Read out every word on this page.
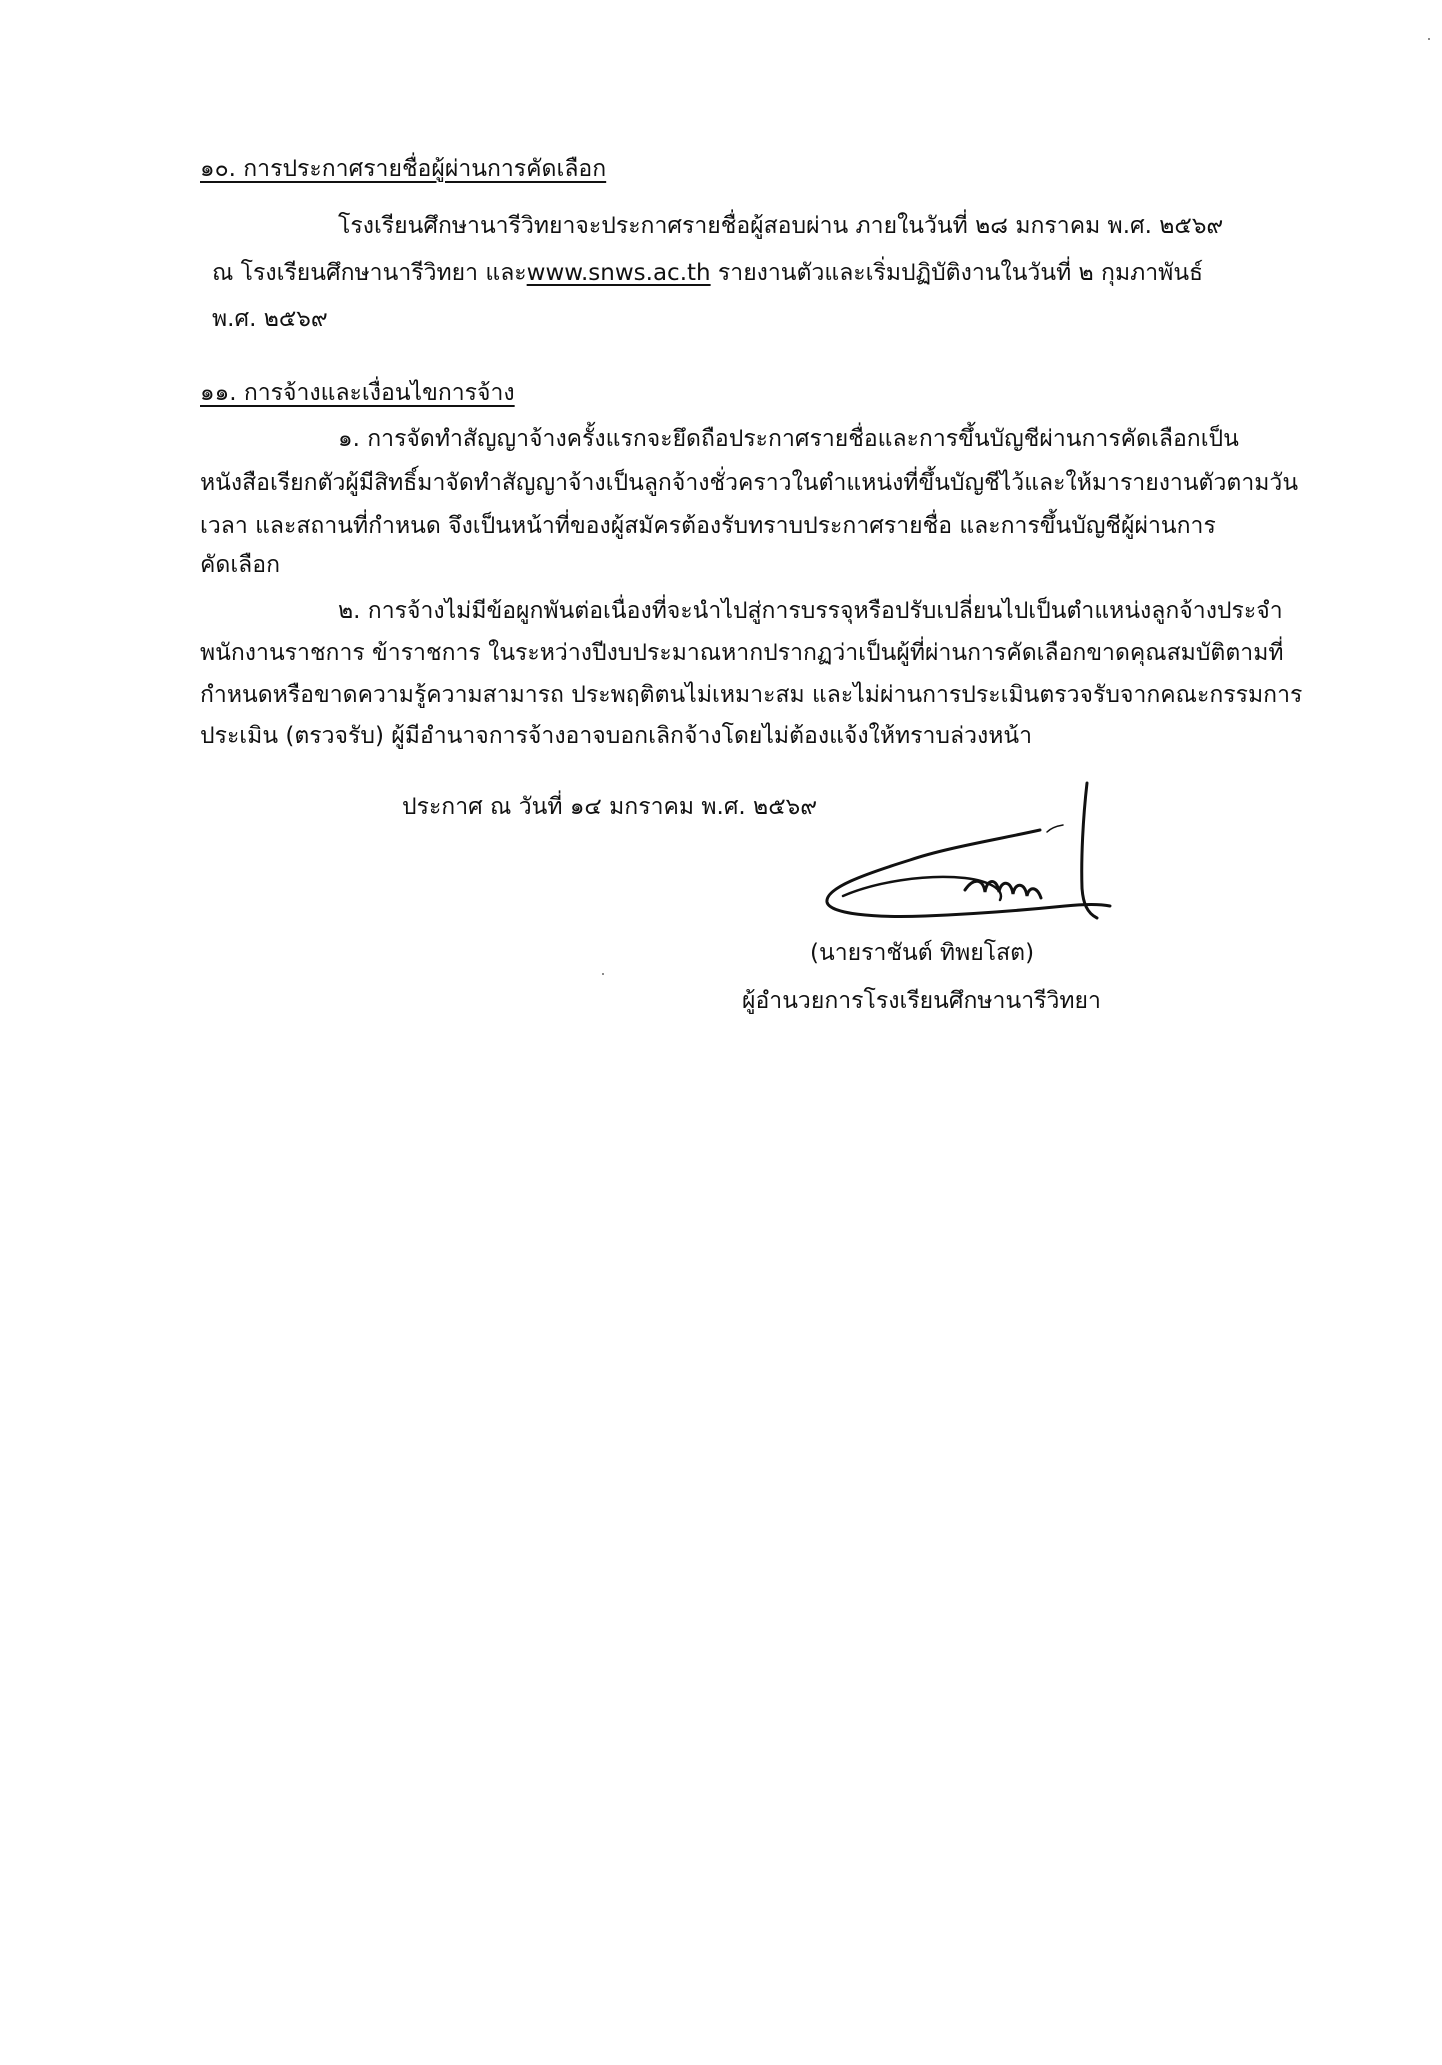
๑๐. การประกาศรายชื่อผู้ผ่านการคัดเลือก
โรงเรียนศึกษานารีวิทยาจะประกาศรายชื่อผู้สอบผ่าน ภายในวันที่ ๒๘ มกราคม พ.ศ. ๒๕๖๙
ณ โรงเรียนศึกษานารีวิทยา และwww.snws.ac.th รายงานตัวและเริ่มปฏิบัติงานในวันที่ ๒ กุมภาพันธ์
พ.ศ. ๒๕๖๙
๑๑. การจ้างและเงื่อนไขการจ้าง
๑. การจัดทำสัญญาจ้างครั้งแรกจะยึดถือประกาศรายชื่อและการขึ้นบัญชีผ่านการคัดเลือกเป็น
หนังสือเรียกตัวผู้มีสิทธิ์มาจัดทำสัญญาจ้างเป็นลูกจ้างชั่วคราวในตำแหน่งที่ขึ้นบัญชีไว้และให้มารายงานตัวตามวัน
เวลา และสถานที่กำหนด จึงเป็นหน้าที่ของผู้สมัครต้องรับทราบประกาศรายชื่อ และการขึ้นบัญชีผู้ผ่านการ
คัดเลือก
๒. การจ้างไม่มีข้อผูกพันต่อเนื่องที่จะนำไปสู่การบรรจุหรือปรับเปลี่ยนไปเป็นตำแหน่งลูกจ้างประจำ
พนักงานราชการ ข้าราชการ ในระหว่างปีงบประมาณหากปรากฏว่าเป็นผู้ที่ผ่านการคัดเลือกขาดคุณสมบัติตามที่
กำหนดหรือขาดความรู้ความสามารถ ประพฤติตนไม่เหมาะสม และไม่ผ่านการประเมินตรวจรับจากคณะกรรมการ
ประเมิน (ตรวจรับ) ผู้มีอำนาจการจ้างอาจบอกเลิกจ้างโดยไม่ต้องแจ้งให้ทราบล่วงหน้า
ประกาศ ณ วันที่ ๑๔ มกราคม พ.ศ. ๒๕๖๙
(นายราชันต์ ทิพยโสต)
ผู้อำนวยการโรงเรียนศึกษานารีวิทยา
